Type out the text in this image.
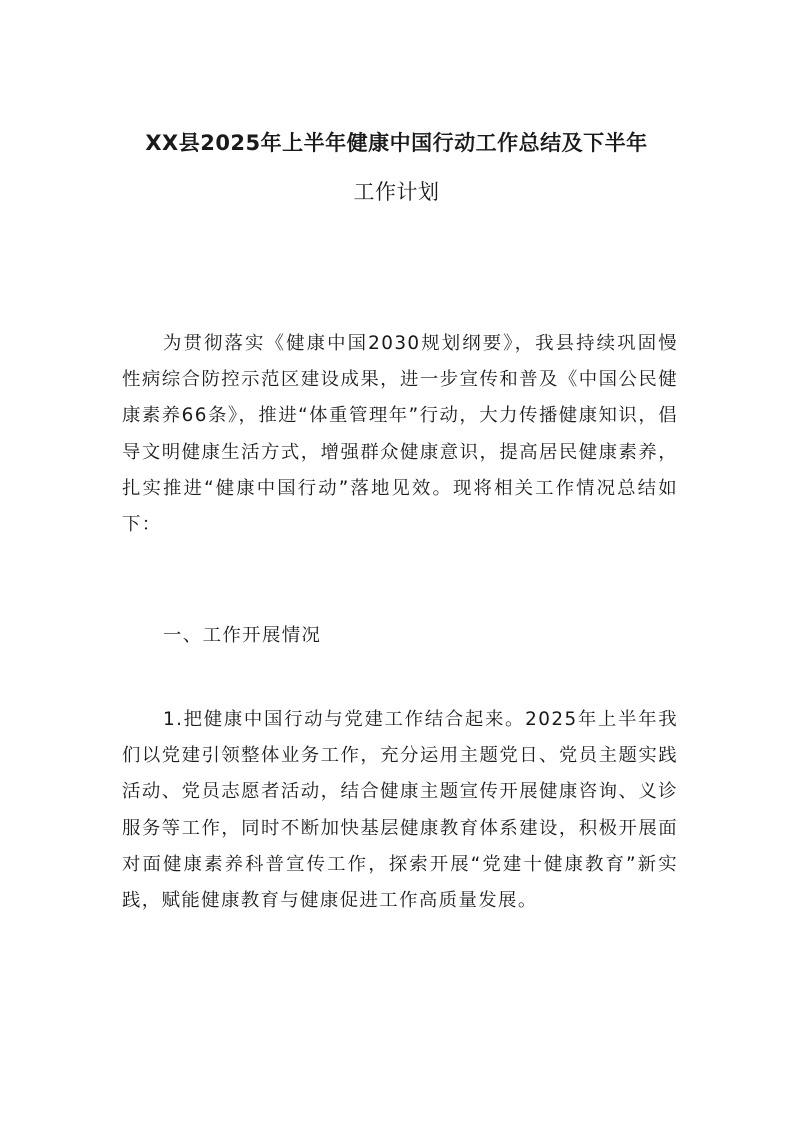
XX县2025年上半年健康中国行动工作总结及下半年
工作计划

为贯彻落实《健康中国2030规划纲要》，我县持续巩固慢性病综合防控示范区建设成果，进一步宣传和普及《中国公民健康素养66条》，推进“体重管理年”行动，大力传播健康知识，倡导文明健康生活方式，增强群众健康意识，提高居民健康素养，扎实推进“健康中国行动”落地见效。现将相关工作情况总结如下：

一、工作开展情况

1.把健康中国行动与党建工作结合起来。2025年上半年我们以党建引领整体业务工作，充分运用主题党日、党员主题实践活动、党员志愿者活动，结合健康主题宣传开展健康咨询、义诊服务等工作，同时不断加快基层健康教育体系建设，积极开展面对面健康素养科普宣传工作，探索开展“党建十健康教育”新实践，赋能健康教育与健康促进工作高质量发展。
